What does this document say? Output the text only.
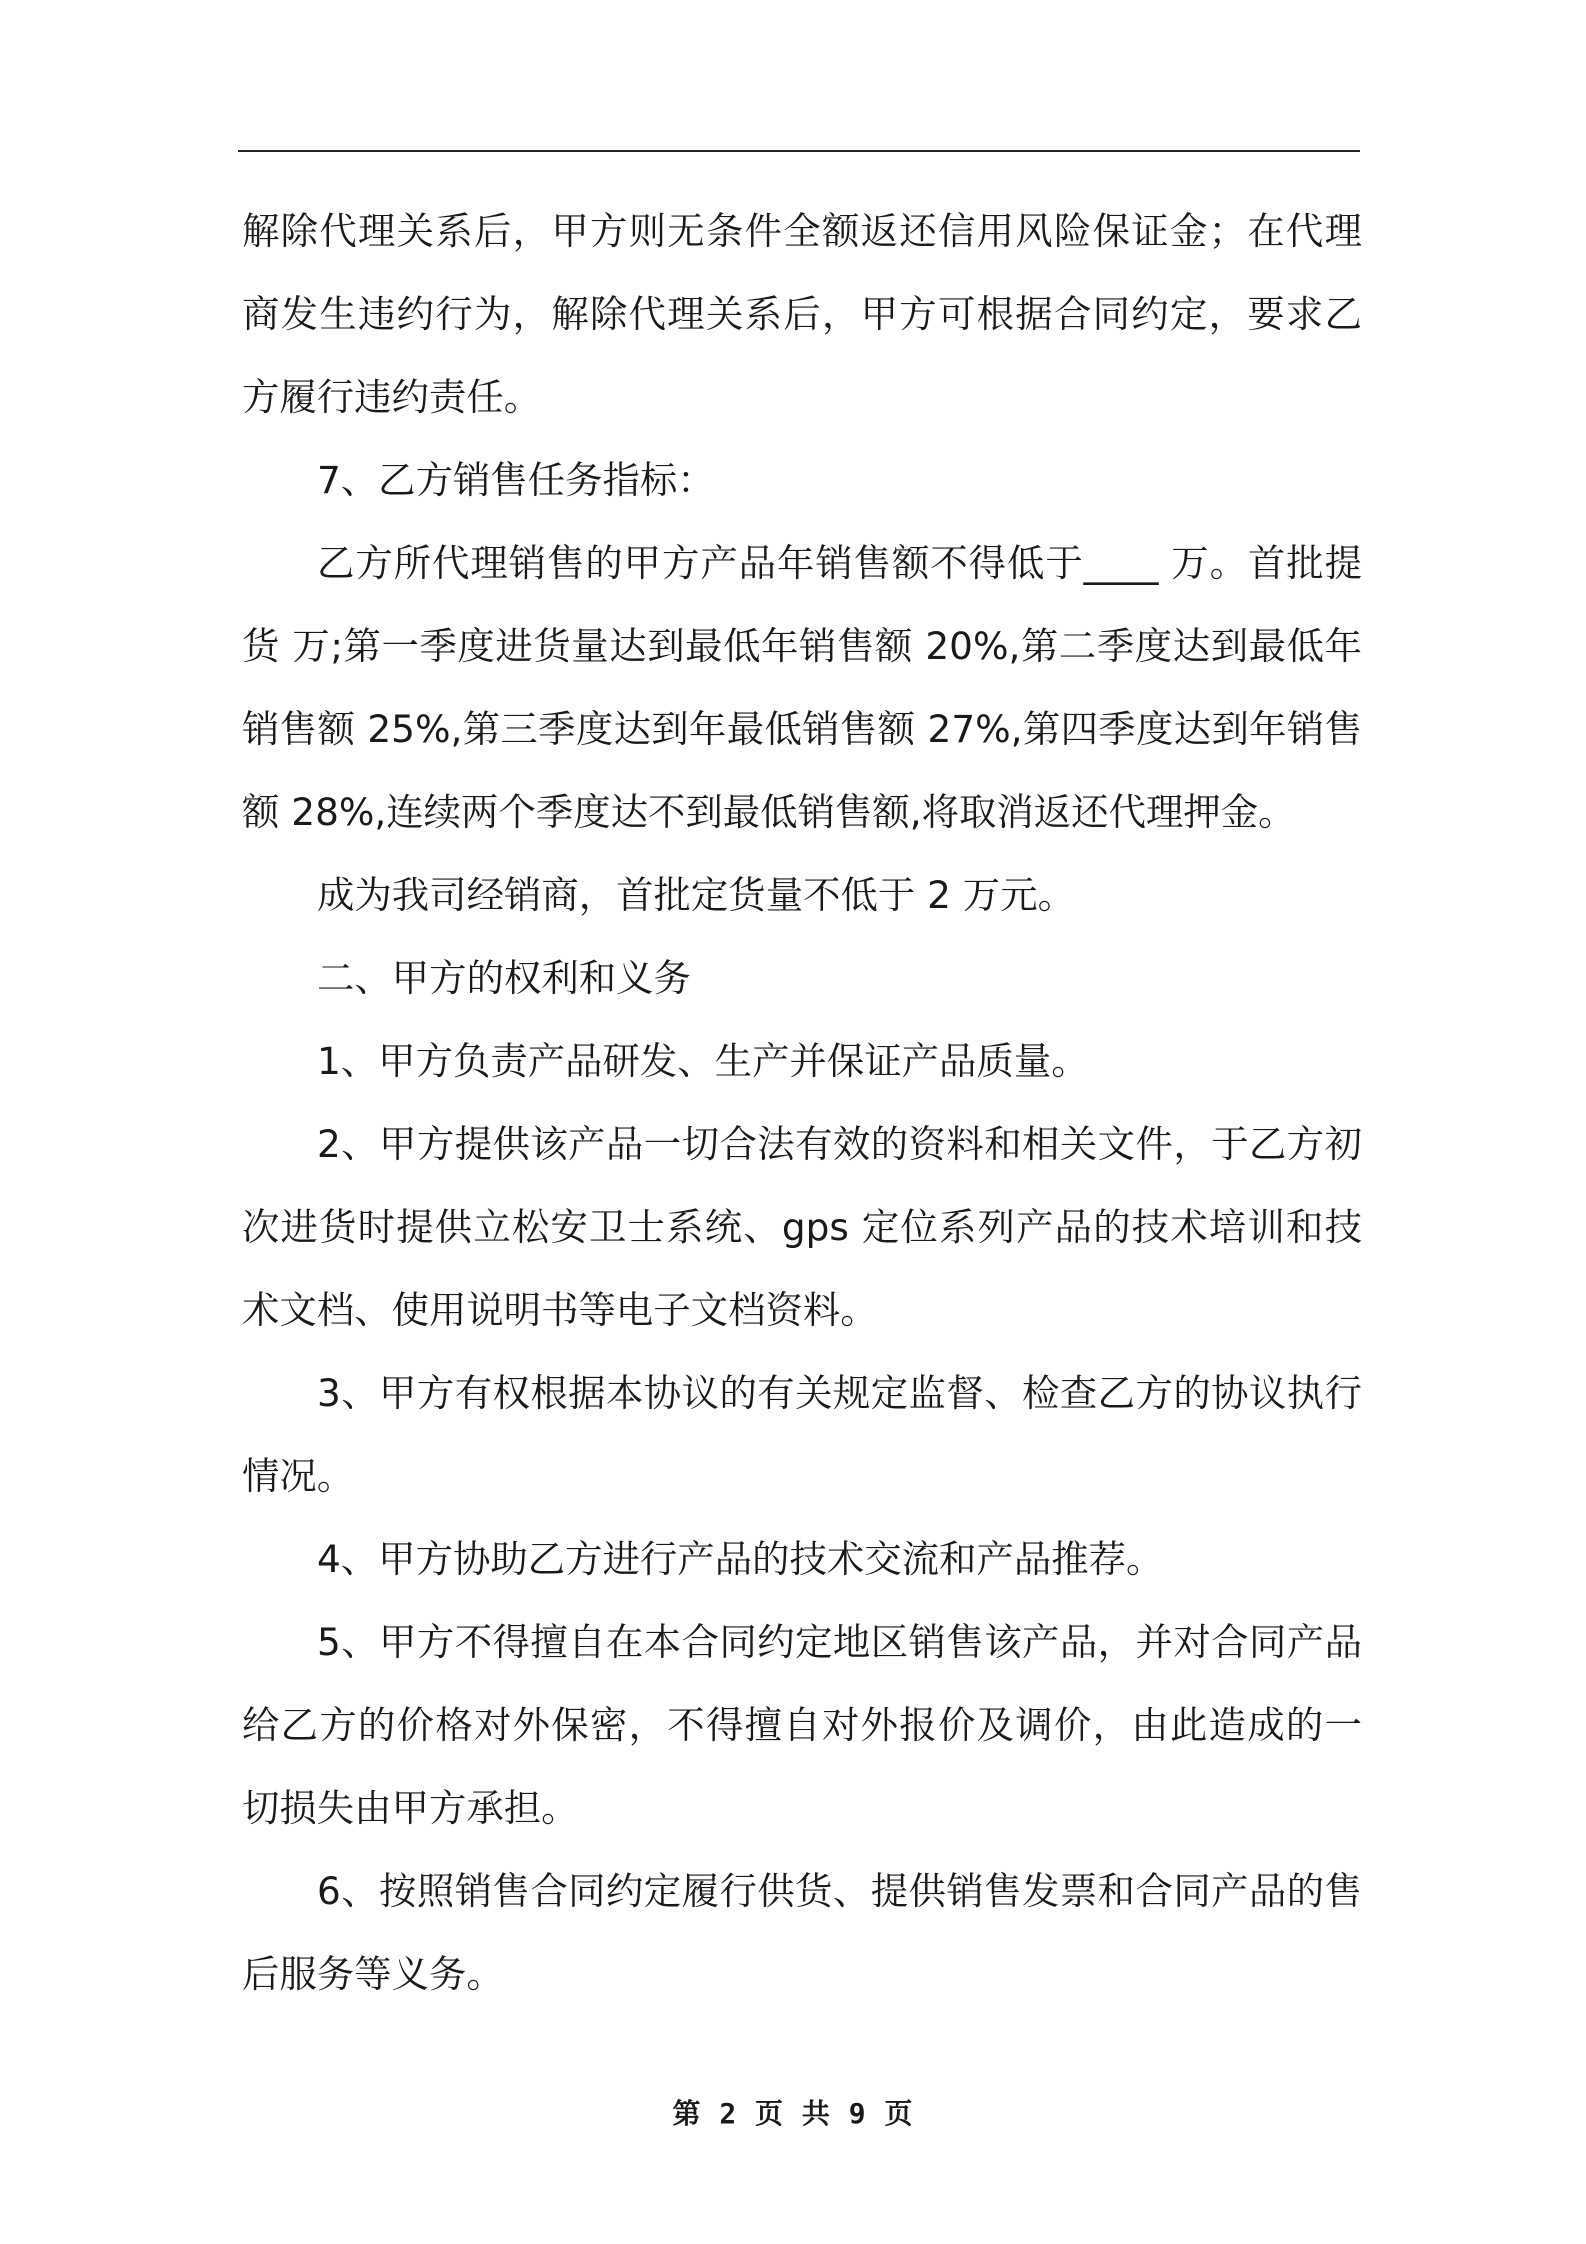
解除代理关系后，甲方则无条件全额返还信用风险保证金；在代理商发生违约行为，解除代理关系后，甲方可根据合同约定，要求乙方履行违约责任。

7、乙方销售任务指标：

乙方所代理销售的甲方产品年销售额不得低于____ 万。首批提货 万;第一季度进货量达到最低年销售额 20%,第二季度达到最低年销售额 25%,第三季度达到年最低销售额 27%,第四季度达到年销售额 28%,连续两个季度达不到最低销售额,将取消返还代理押金。

成为我司经销商，首批定货量不低于 2 万元。

二、甲方的权利和义务

1、甲方负责产品研发、生产并保证产品质量。

2、甲方提供该产品一切合法有效的资料和相关文件，于乙方初次进货时提供立松安卫士系统、gps 定位系列产品的技术培训和技术文档、使用说明书等电子文档资料。

3、甲方有权根据本协议的有关规定监督、检查乙方的协议执行情况。

4、甲方协助乙方进行产品的技术交流和产品推荐。

5、甲方不得擅自在本合同约定地区销售该产品，并对合同产品给乙方的价格对外保密，不得擅自对外报价及调价，由此造成的一切损失由甲方承担。

6、按照销售合同约定履行供货、提供销售发票和合同产品的售后服务等义务。

第 2 页 共 9 页
